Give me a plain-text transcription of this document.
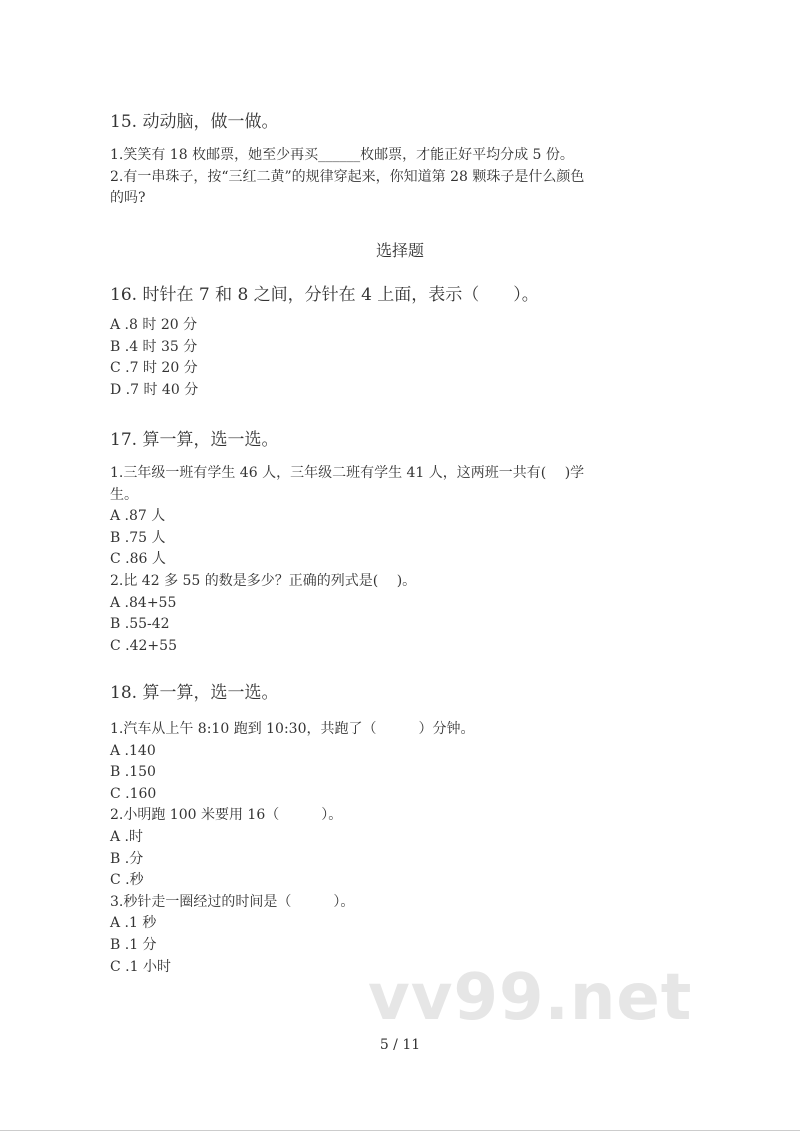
15. 动动脑，做一做。
1.笑笑有 18 枚邮票，她至少再买______枚邮票，才能正好平均分成 5 份。
2.有一串珠子，按“三红二黄”的规律穿起来，你知道第 28 颗珠子是什么颜色
的吗?
选择题
16. 时针在 7 和 8 之间，分针在 4 上面，表示（　　）。
A .8 时 20 分
B .4 时 35 分
C .7 时 20 分
D .7 时 40 分
17. 算一算，选一选。
1.三年级一班有学生 46 人，三年级二班有学生 41 人，这两班一共有(　 )学
生。
A .87 人
B .75 人
C .86 人
2.比 42 多 55 的数是多少？正确的列式是(　 )。
A .84+55
B .55-42
C .42+55
18. 算一算，选一选。
1.汽车从上午 8:10 跑到 10:30，共跑了（　　　）分钟。
A .140
B .150
C .160
2.小明跑 100 米要用 16（　　　）。
A .时
B .分
C .秒
3.秒针走一圈经过的时间是（　　　）。
A .1 秒
B .1 分
C .1 小时	vv99.net
5 / 11
